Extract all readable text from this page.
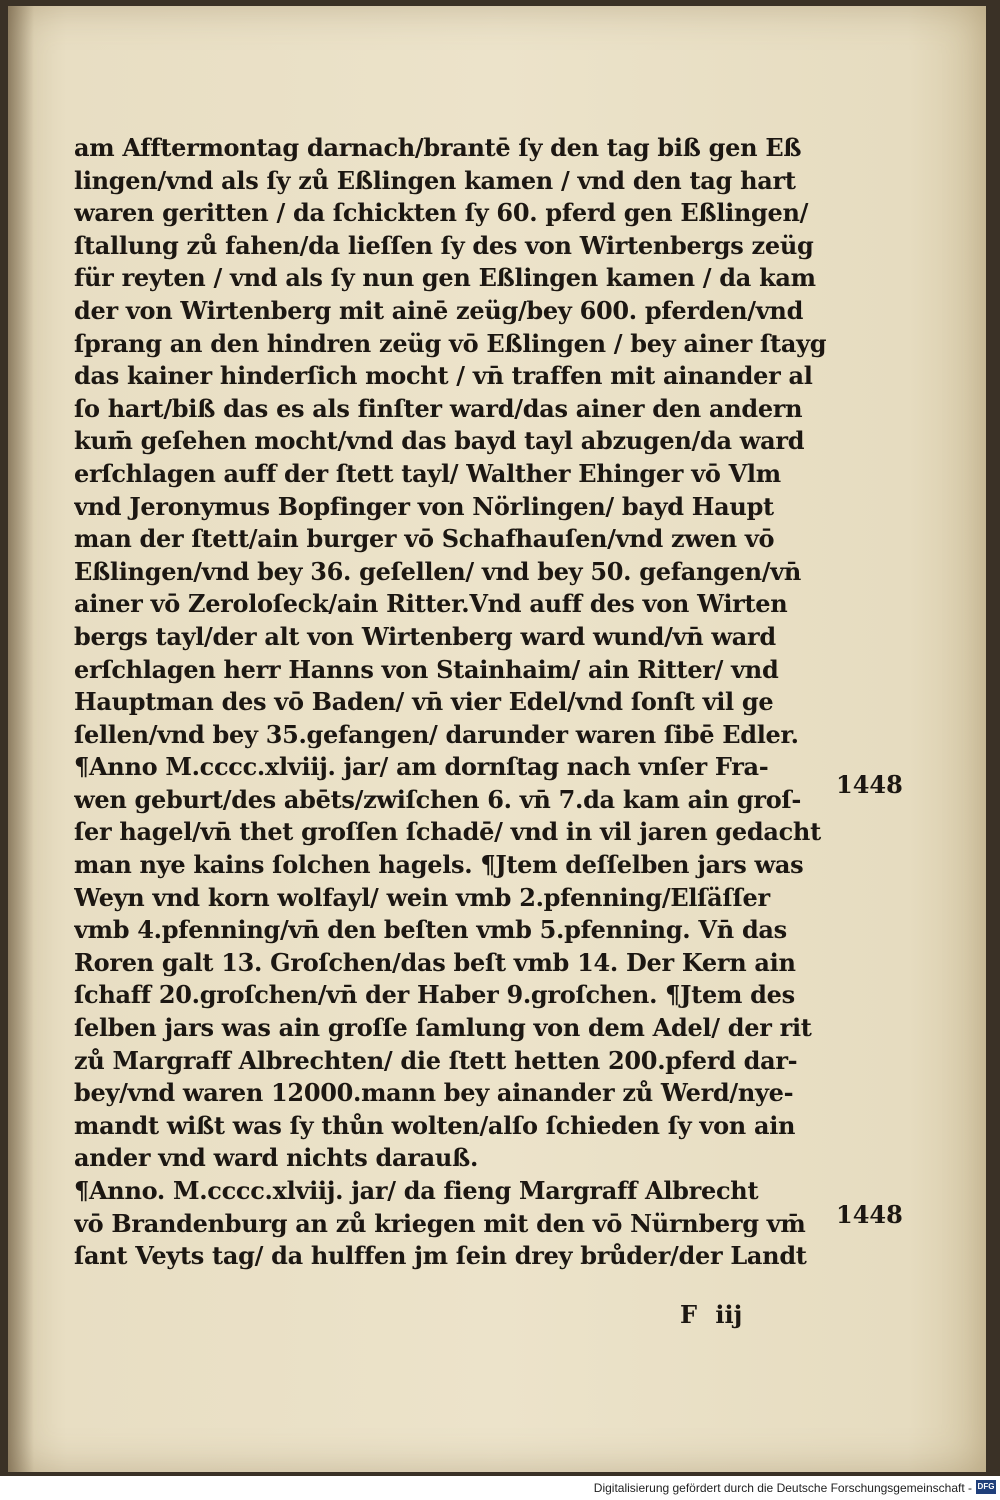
am Afftermontag darnach/brantē ſy den tag biß gen Eß
lingen/vnd als ſy zů Eßlingen kamen / vnd den tag hart
waren geritten / da ſchickten ſy 60. pferd gen Eßlingen/
ſtallung zů fahen/da lieſſen ſy des von Wirtenbergs zeüg
für reyten / vnd als ſy nun gen Eßlingen kamen / da kam
der von Wirtenberg mit ainē zeüg/bey 600. pferden/vnd
ſprang an den hindren zeüg vō Eßlingen / bey ainer ſtayg
das kainer hinderſich mocht / vn̄ traffen mit ainander al
ſo hart/biß das es als finſter ward/das ainer den andern
kum̄ geſehen mocht/vnd das bayd tayl abzugen/da ward
erſchlagen auff der ſtett tayl/ Walther Ehinger vō Vlm
vnd Jeronymus Bopfinger von Nörlingen/ bayd Haupt
man der ſtett/ain burger vō Schafhauſen/vnd zwen vō
Eßlingen/vnd bey 36. geſellen/ vnd bey 50. gefangen/vn̄
ainer vō Zeroloſeck/ain Ritter.Vnd auff des von Wirten
bergs tayl/der alt von Wirtenberg ward wund/vn̄ ward
erſchlagen herr Hanns von Stainhaim/ ain Ritter/ vnd
Hauptman des vō Baden/ vn̄ vier Edel/vnd ſonſt vil ge
ſellen/vnd bey 35.gefangen/ darunder waren ſibē Edler.
¶Anno M.cccc.xlviij. jar/ am dornſtag nach vnſer Fra-
wen geburt/des abēts/zwiſchen 6. vn̄ 7.da kam ain groſ-
ſer hagel/vn̄ thet groſſen ſchadē/ vnd in vil jaren gedacht
man nye kains ſolchen hagels. ¶Jtem deſſelben jars was
Weyn vnd korn wolfayl/ wein vmb 2.pfenning/Elſäſſer
vmb 4.pfenning/vn̄ den beſten vmb 5.pfenning. Vn̄ das
Roren galt 13. Groſchen/das beſt vmb 14. Der Kern ain
ſchaff 20.groſchen/vn̄ der Haber 9.groſchen. ¶Jtem des
ſelben jars was ain groſſe ſamlung von dem Adel/ der rit
zů Margraff Albrechten/ die ſtett hetten 200.pferd dar-
bey/vnd waren 12000.mann bey ainander zů Werd/nye-
mandt wißt was ſy thůn wolten/alſo ſchieden ſy von ain
ander vnd ward nichts darauß.
¶Anno. M.cccc.xlviij. jar/ da fieng Margraff Albrecht
vō Brandenburg an zů kriegen mit den vō Nürnberg vm̄
ſant Veyts tag/ da hulffen jm ſein drey brůder/der Landt
1448
1448
F iij
Digitalisierung gefördert durch die Deutsche Forschungsgemeinschaft - DFG
